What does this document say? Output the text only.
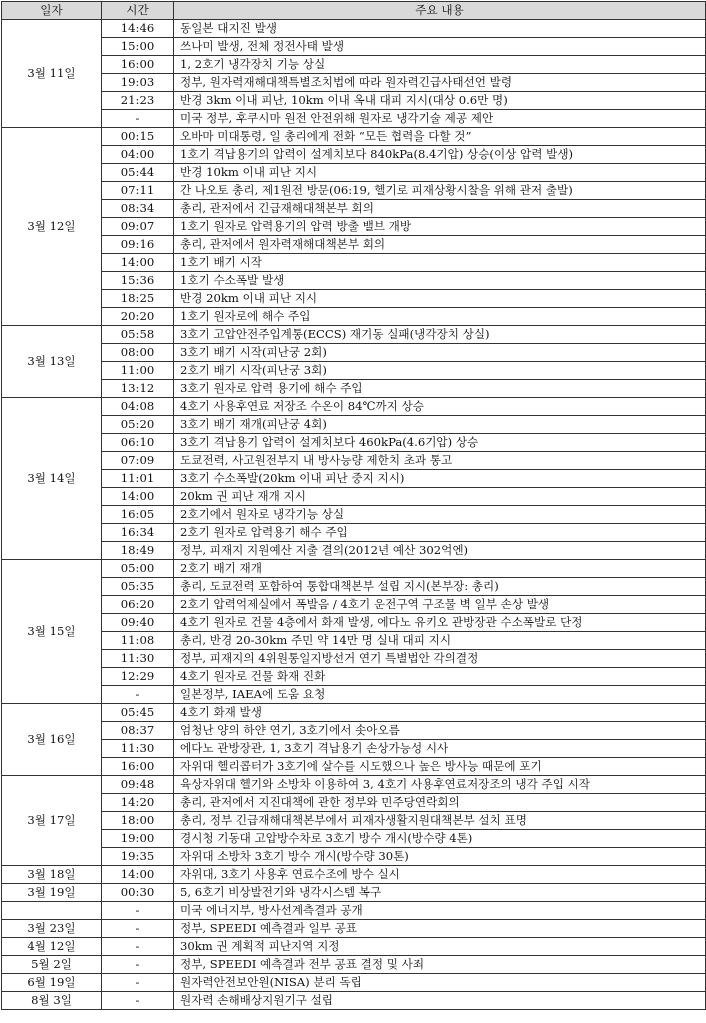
일자	시간	주요 내용
3월 11일	14:46	동일본 대지진 발생
	15:00	쓰나미 발생, 전체 정전사태 발생
	16:00	1, 2호기 냉각장치 기능 상실
	19:03	정부, 원자력재해대책특별조치법에 따라 원자력긴급사태선언 발령
	21:23	반경 3km 이내 피난, 10km 이내 옥내 대피 지시(대상 0.6만 명)
	-	미국 정부, 후쿠시마 원전 안전위해 원자로 냉각기술 제공 제안
3월 12일	00:15	오바마 미대통령, 일 총리에게 전화 “모든 협력을 다할 것”
	04:00	1호기 격납용기의 압력이 설계치보다 840kPa(8.4기압) 상승(이상 압력 발생)
	05:44	반경 10km 이내 피난 지시
	07:11	간 나오토 총리, 제1원전 방문(06:19, 헬기로 피재상황시찰을 위해 관저 출발)
	08:34	총리, 관저에서 긴급재해대책본부 회의
	09:07	1호기 원자로 압력용기의 압력 방출 밸브 개방
	09:16	총리, 관저에서 원자력재해대책본부 회의
	14:00	1호기 배기 시작
	15:36	1호기 수소폭발 발생
	18:25	반경 20km 이내 피난 지시
	20:20	1호기 원자로에 해수 주입
3월 13일	05:58	3호기 고압안전주입계통(ECCS) 재기동 실패(냉각장치 상실)
	08:00	3호기 배기 시작(피난궁 2회)
	11:00	2호기 배기 시작(피난궁 3회)
	13:12	3호기 원자로 압력 용기에 해수 주입
3월 14일	04:08	4호기 사용후연료 저장조 수온이 84℃까지 상승
	05:20	3호기 배기 재개(피난궁 4회)
	06:10	3호기 격납용기 압력이 설계치보다 460kPa(4.6기압) 상승
	07:09	도쿄전력, 사고원전부지 내 방사능량 제한치 초과 통고
	11:01	3호기 수소폭발(20km 이내 피난 중지 지시)
	14:00	20km 권 피난 재개 지시
	16:05	2호기에서 원자로 냉각기능 상실
	16:34	2호기 원자로 압력용기 해수 주입
	18:49	정부, 피재지 지원예산 지출 결의(2012년 예산 302억엔)
3월 15일	05:00	2호기 배기 재개
	05:35	총리, 도쿄전력 포함하여 통합대책본부 설립 지시(본부장: 총리)
	06:20	2호기 압력억제실에서 폭발음 / 4호기 운전구역 구조물 벽 일부 손상 발생
	09:40	4호기 원자로 건물 4층에서 화재 발생, 에다노 유키오 관방장관 수소폭발로 단정
	11:08	총리, 반경 20-30km 주민 약 14만 명 실내 대피 지시
	11:30	정부, 피재지의 4위원통일지방선거 연기 특별법안 각의결정
	12:29	4호기 원자로 건물 화재 진화
	-	일본정부, IAEA에 도움 요청
3월 16일	05:45	4호기 화재 발생
	08:37	엄청난 양의 하얀 연기, 3호기에서 솟아오름
	11:30	에다노 관방장관, 1, 3호기 격납용기 손상가능성 시사
	16:00	자위대 헬리콥터가 3호기에 살수를 시도했으나 높은 방사능 때문에 포기
3월 17일	09:48	육상자위대 헬기와 소방차 이용하여 3, 4호기 사용후연료저장조의 냉각 주입 시작
	14:20	총리, 관저에서 지진대책에 관한 정부와 민주당연락회의
	18:00	총리, 정부 긴급재해대책본부에서 피재자생활지원대책본부 설치 표명
	19:00	경시청 기동대 고압방수차로 3호기 방수 개시(방수량 4톤)
	19:35	자위대 소방차 3호기 방수 개시(방수량 30톤)
3월 18일	14:00	자위대, 3호기 사용후 연료수조에 방수 실시
3월 19일	00:30	5, 6호기 비상발전기와 냉각시스템 복구
	-	미국 에너지부, 방사선계측결과 공개
3월 23일	-	정부, SPEEDI 예측결과 일부 공표
4월 12일	-	30km 권 계획적 피난지역 지정
5월 2일	-	정부, SPEEDI 예측결과 전부 공표 결정 및 사죄
6월 19일	-	원자력안전보안원(NISA) 분리 독립
8월 3일	-	원자력 손해배상지원기구 설립
